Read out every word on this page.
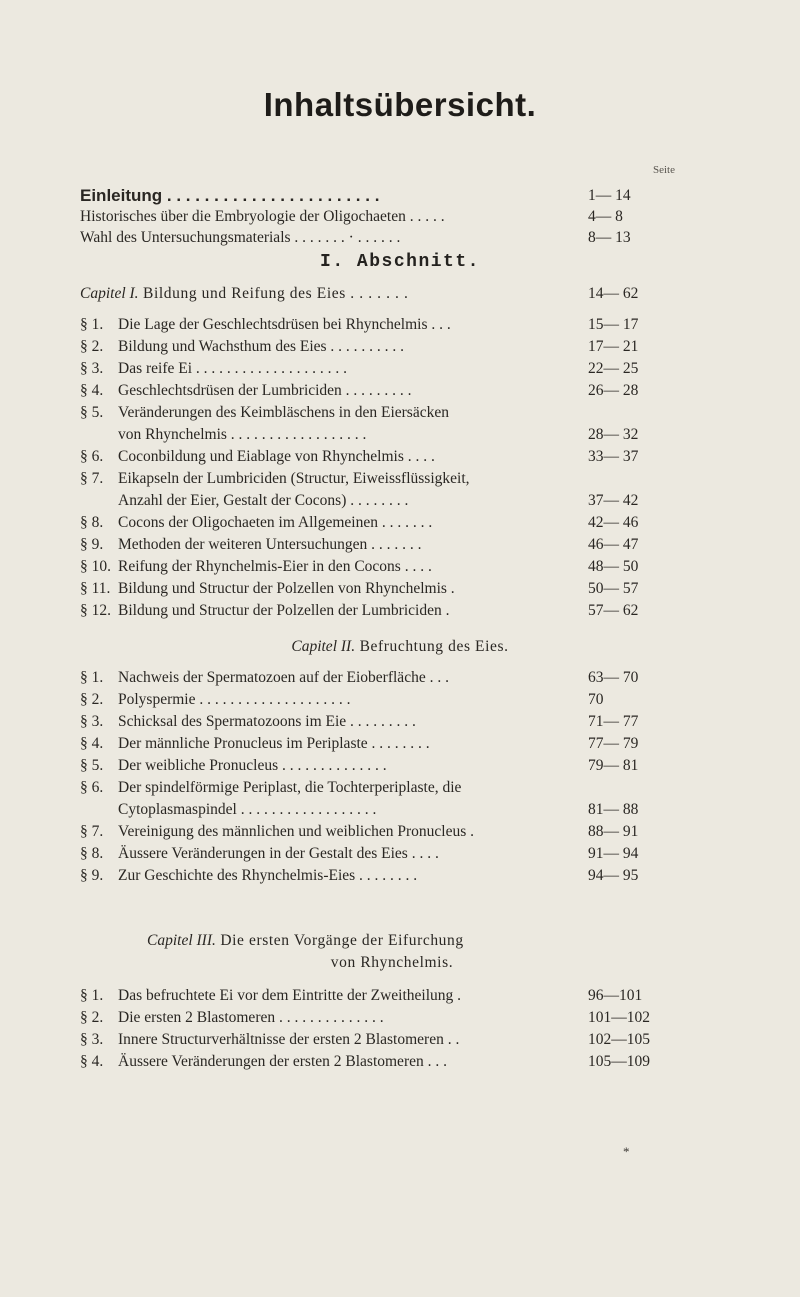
Inhaltsübersicht.
Seite
Einleitung . . . . . . . . . . . . . . . . . . . . . . .	1— 14
Historisches über die Embryologie der Oligochaeten . . . . .	4— 8
Wahl des Untersuchungsmaterials . . . . . . . · . . . . . .	8— 13
I. Abschnitt.
Capitel I. Bildung und Reifung des Eies . . . . . . .	14— 62
§ 1. Die Lage der Geschlechtsdrüsen bei Rhynchelmis . . .	15— 17
§ 2. Bildung und Wachsthum des Eies . . . . . . . . . .	17— 21
§ 3. Das reife Ei . . . . . . . . . . . . . . . . . . . .	22— 25
§ 4. Geschlechtsdrüsen der Lumbriciden . . . . . . . . .	26— 28
§ 5. Veränderungen des Keimbläschens in den Eiersäcken
von Rhynchelmis . . . . . . . . . . . . . . . . . .	28— 32
§ 6. Coconbildung und Eiablage von Rhynchelmis . . . .	33— 37
§ 7. Eikapseln der Lumbriciden (Structur, Eiweissflüssigkeit,
Anzahl der Eier, Gestalt der Cocons) . . . . . . . .	37— 42
§ 8. Cocons der Oligochaeten im Allgemeinen . . . . . . .	42— 46
§ 9. Methoden der weiteren Untersuchungen . . . . . . .	46— 47
§ 10. Reifung der Rhynchelmis-Eier in den Cocons . . . .	48— 50
§ 11. Bildung und Structur der Polzellen von Rhynchelmis .	50— 57
§ 12. Bildung und Structur der Polzellen der Lumbriciden .	57— 62
Capitel II. Befruchtung des Eies.
§ 1. Nachweis der Spermatozoen auf der Eioberfläche . . .	63— 70
§ 2. Polyspermie . . . . . . . . . . . . . . . . . . . .	70
§ 3. Schicksal des Spermatozoons im Eie . . . . . . . . .	71— 77
§ 4. Der männliche Pronucleus im Periplaste . . . . . . . .	77— 79
§ 5. Der weibliche Pronucleus . . . . . . . . . . . . . .	79— 81
§ 6. Der spindelförmige Periplast, die Tochterperiplaste, die
Cytoplasmaspindel . . . . . . . . . . . . . . . . . .	81— 88
§ 7. Vereinigung des männlichen und weiblichen Pronucleus .	88— 91
§ 8. Äussere Veränderungen in der Gestalt des Eies . . . .	91— 94
§ 9. Zur Geschichte des Rhynchelmis-Eies . . . . . . . .	94— 95
Capitel III. Die ersten Vorgänge der Eifurchung
von Rhynchelmis.
§ 1. Das befruchtete Ei vor dem Eintritte der Zweitheilung .	96—101
§ 2. Die ersten 2 Blastomeren . . . . . . . . . . . . . .	101—102
§ 3. Innere Structurverhältnisse der ersten 2 Blastomeren . .	102—105
§ 4. Äussere Veränderungen der ersten 2 Blastomeren . . .	105—109
*
